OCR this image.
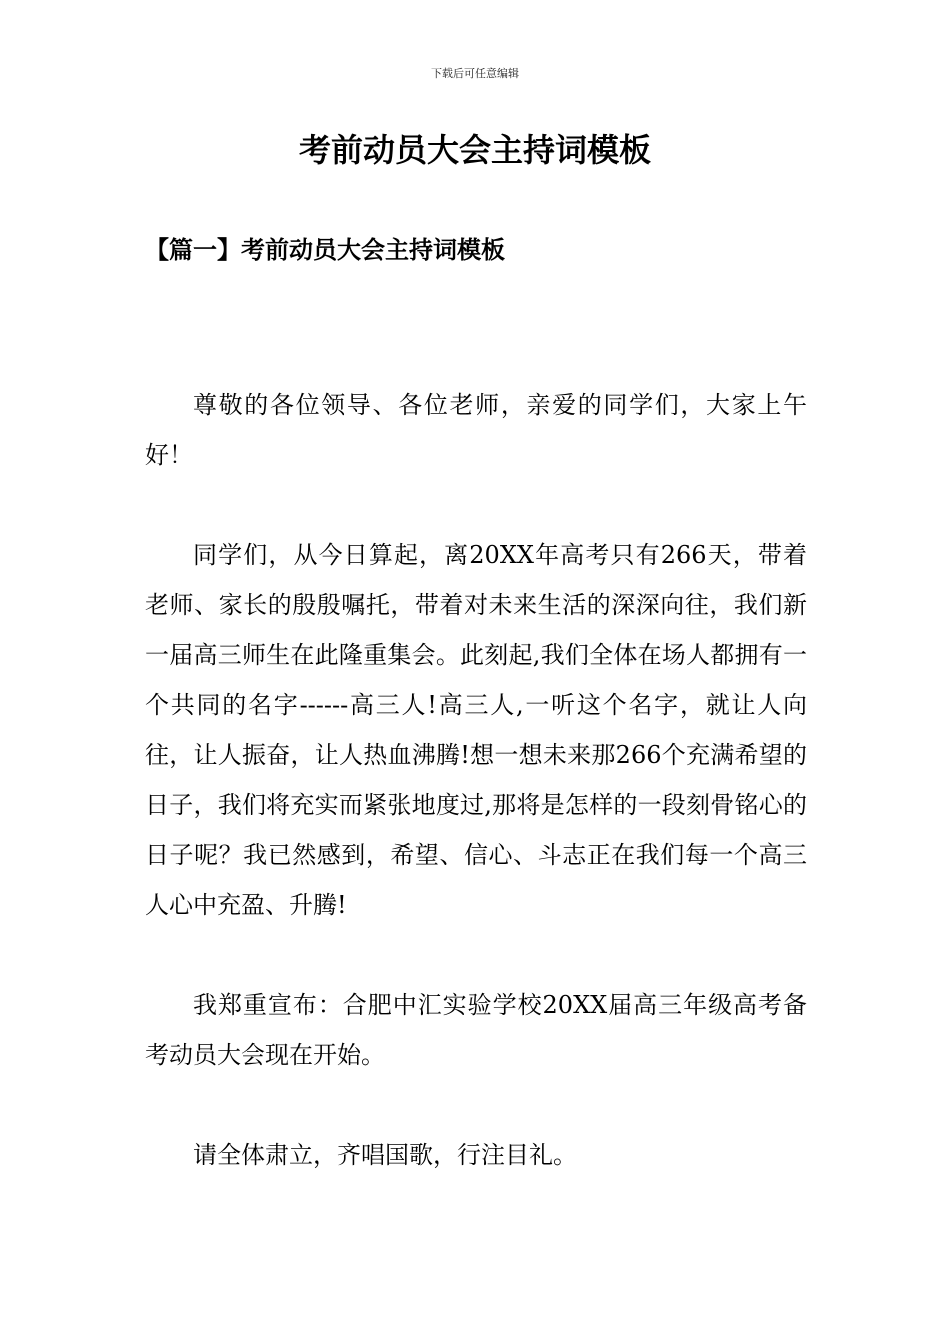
下载后可任意编辑
考前动员大会主持词模板
【篇一】考前动员大会主持词模板

尊敬的各位领导、各位老师，亲爱的同学们，大家上午好！

同学们，从今日算起，离20XX年高考只有266天，带着老师、家长的殷殷嘱托，带着对未来生活的深深向往，我们新一届高三师生在此隆重集会。此刻起,我们全体在场人都拥有一个共同的名字------高三人!高三人,一听这个名字，就让人向往，让人振奋，让人热血沸腾!想一想未来那266个充满希望的日子，我们将充实而紧张地度过,那将是怎样的一段刻骨铭心的日子呢？我已然感到，希望、信心、斗志正在我们每一个高三人心中充盈、升腾!

我郑重宣布：合肥中汇实验学校20XX届高三年级高考备考动员大会现在开始。

请全体肃立，齐唱国歌，行注目礼。
